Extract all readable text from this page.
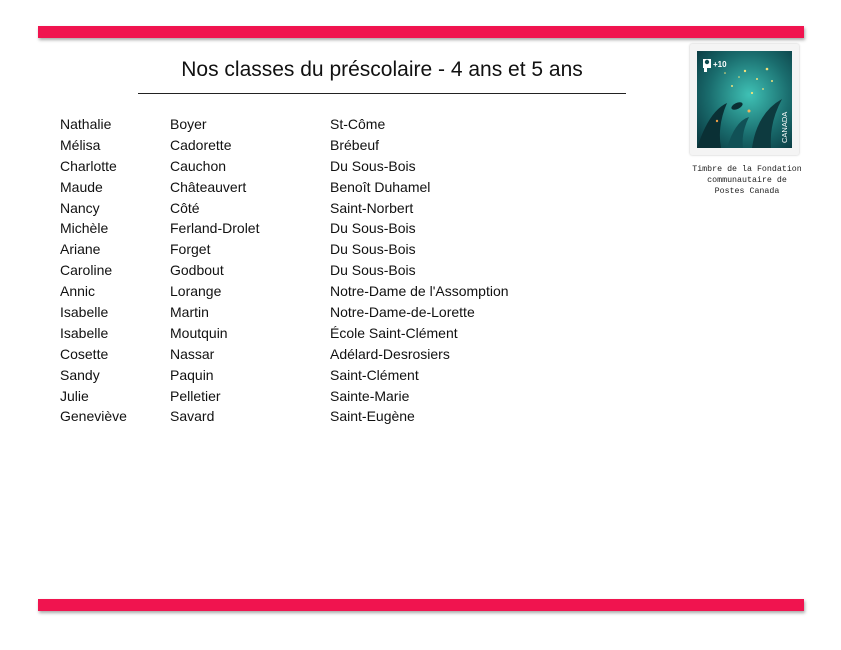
Nos classes du préscolaire - 4 ans et 5 ans
Nathalie	Boyer	St-Côme
Mélisa	Cadorette	Brébeuf
Charlotte	Cauchon	Du Sous-Bois
Maude	Châteauvert	Benoît Duhamel
Nancy	Côté	Saint-Norbert
Michèle	Ferland-Drolet	Du Sous-Bois
Ariane	Forget	Du Sous-Bois
Caroline	Godbout	Du Sous-Bois
Annic	Lorange	Notre-Dame de l'Assomption
Isabelle	Martin	Notre-Dame-de-Lorette
Isabelle	Moutquin	École Saint-Clément
Cosette	Nassar	Adélard-Desrosiers
Sandy	Paquin	Saint-Clément
Julie	Pelletier	Sainte-Marie
Geneviève	Savard	Saint-Eugène
+10
CANADA
Timbre de la Fondation
communautaire de
Postes Canada
